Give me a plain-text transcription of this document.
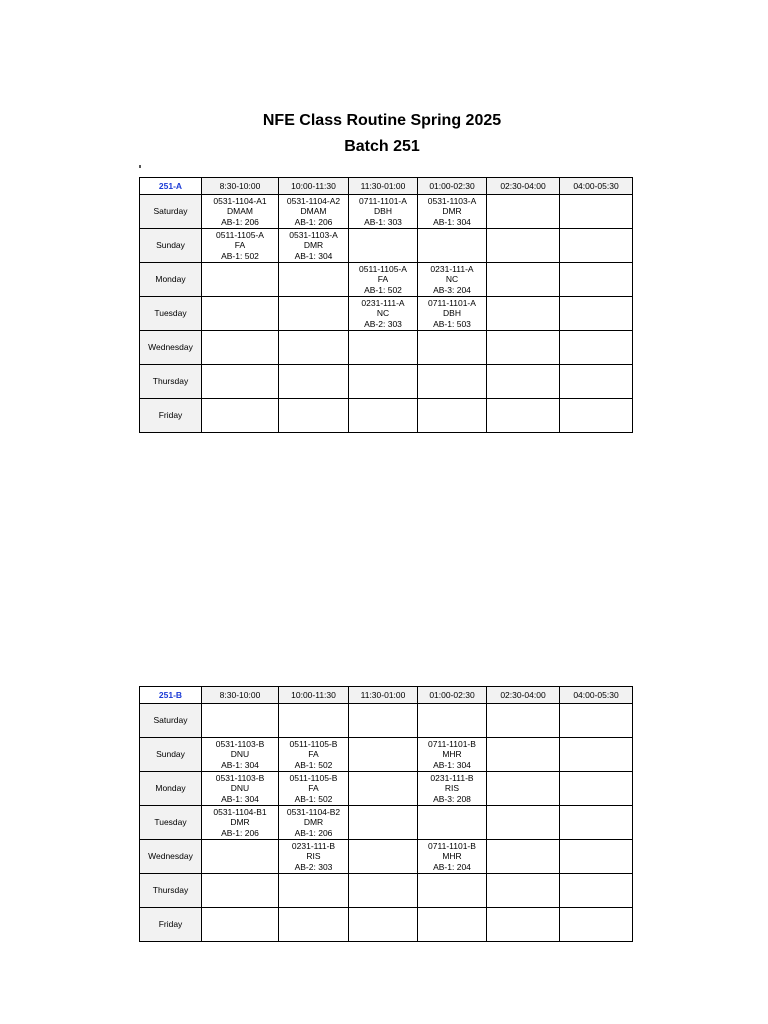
NFE Class Routine Spring 2025
Batch 251
251-A	8:30-10:00	10:00-11:30	11:30-01:00	01:00-02:30	02:30-04:00	04:00-05:30
Saturday	0531-1104-A1
DMAM
AB-1: 206	0531-1104-A2
DMAM
AB-1: 206	0711-1101-A
DBH
AB-1: 303	0531-1103-A
DMR
AB-1: 304		

Sunday	0511-1105-A
FA
AB-1: 502	0531-1103-A
DMR
AB-1: 304				

Monday			0511-1105-A
FA
AB-1: 502	0231-111-A
NC
AB-3: 204		

Tuesday			0231-111-A
NC
AB-2: 303	0711-1101-A
DBH
AB-1: 503		

Wednesday						
Thursday						
Friday						
251-B	8:30-10:00	10:00-11:30	11:30-01:00	01:00-02:30	02:30-04:00	04:00-05:30
Saturday						
Sunday	0531-1103-B
DNU
AB-1: 304	0511-1105-B
FA
AB-1: 502		0711-1101-B
MHR
AB-1: 304		

Monday	0531-1103-B
DNU
AB-1: 304	0511-1105-B
FA
AB-1: 502		0231-111-B
RIS
AB-3: 208		

Tuesday	0531-1104-B1
DMR
AB-1: 206	0531-1104-B2
DMR
AB-1: 206				

Wednesday		0231-111-B
RIS
AB-2: 303		0711-1101-B
MHR
AB-1: 204		

Thursday						
Friday						
